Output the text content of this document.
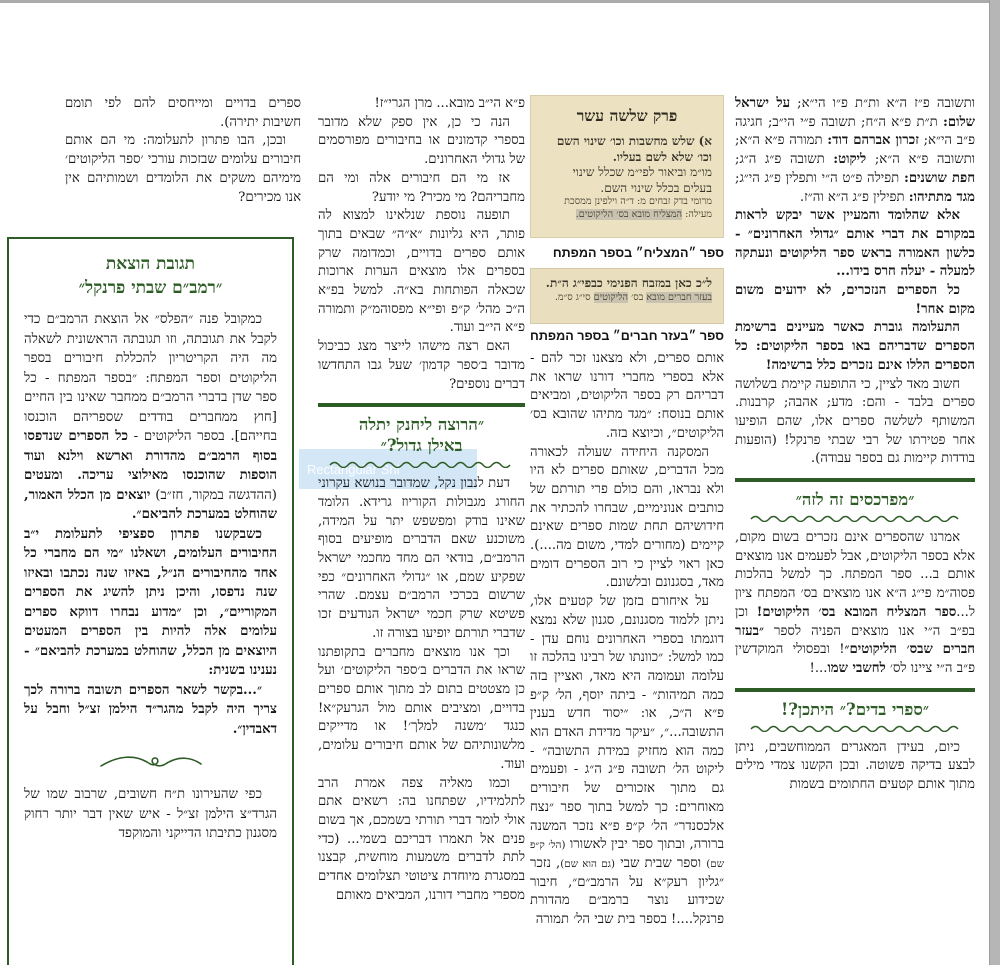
Rectangular Sni
פרק שלשה עשר
א) שלש מחשבות וכו׳ שינוי השם
וכו׳ שלא לשם בעליו.
מו״מ וביאור לפי״מ שכלל שינוי
בעלים בכלל שינוי השם.
מרומי בדק זבחים מ: ד״ה וילפינן ממסכת
מעילה: המצליח מובא בס׳ הליקוטים.
ספר ״המצליח״ בספר המפתח
ל״כ כאן במזבח הפנימי כבפי״ג ה״ת.
בעזר חברים מובא בס׳ הליקוטים סי״ג ס״מ.
ספר ״בעזר חברים״ בספר המפתח

ותשובה פ״ז ה״א ות״ת פ״ו הי״א; על ישראל שלום: ת״ת פ״א ה״ח; תשובה פ״י הי״ב; חגיגה פ״ב הי״א; זכרון אברהם דוד: תמורה פ״א ה״א; ותשובה פ״א ה״א; ליקוט: תשובה פ״ג ה״ג; חפת שושנים: תפילה פ״ט ה״י ותפלין פ״ג הי״ג; מגד מתתיהו: תפילין פ״ג ה״א וה״ז.

אלא שהלומד והמעיין אשר יבקש לראות במקורם את דברי אותם ״גדולי האחרונים״ - כלשון האמורה בראש ספר הליקוטים ונעתקה למעלה - יעלה חרס בידו...

כל הספרים הנזכרים, לא ידועים משום מקום אחר!

התעלומה גוברת כאשר מעיינים ברשימת הספרים שדבריהם באו בספר הליקוטים: כל הספרים הללו אינם נזכרים כלל ברשימה!

חשוב מאד לציין, כי התופעה קיימת בשלושה ספרים בלבד - והם: מדע; אהבה; קרבנות. המשותף לשלשה ספרים אלו, שהם הופיעו אחר פטירתו של רבי שבתי פרנקל! (הופעות בודדות קיימות גם בספר עבודה).

״מפרכסים זה לזה״

אמרנו שהספרים אינם נזכרים בשום מקום, אלא בספר הליקוטים, אבל לפעמים אנו מוצאים אותם ב... ספר המפתח. כך למשל בהלכות פסוה״מ פי״ג ה״א אנו מוצאים בס׳ המפתח ציון ל...ספר המצליח המובא בס׳ הליקוטים! וכן בפ״ב ה״י אנו מוצאים הפניה לספר ״בעזר חברים שבס׳ הליקוטים״! ובפסולי המוקדשין פ״ב ה״י ציינו לס׳ לחשבי שמו...!

״ספרי בדים?״ היתכן?!

כיום, בעידן המאגרים הממוחשבים, ניתן לבצע בדיקה פשוטה. ובכן הקשנו צמדי מילים מתוך אותם קטעים החתומים בשמות

אותם ספרים, ולא מצאנו זכר להם - אלא בספרי מחברי דורנו שראו את דבריהם רק בספר הליקוטים, ומביאים אותם בנוסח: ״מגד מתיהו שהובא בס׳ הליקוטים״, וכיוצא בזה.

המסקנה היחידה שעולה לכאורה מכל הדברים, שאותם ספרים לא היו ולא נבראו, והם כולם פרי תורתם של כותבים אנונימיים, שבחרו להכתיר את חידושיהם תחת שמות ספרים שאינם קיימים (מחורים למדי, משום מה....). כאן ראוי לציין כי רוב הספרים דומים מאד, בסגנונם ובלשונם.

על איחורם בזמן של קטעים אלו, ניתן ללמוד מסגנונם, סגנון שלא נמצא דוגמתו בספרי האחרונים נוחם עדן - כמו למשל: ״כוונתו של רבינו בהלכה זו עלומה ועמומה היא מאד, ואציין בזה כמה תמיהות״ - ביתה יוסף, הל׳ ק״פ פ״א ה״כ, או: ״יסוד חדש בענין התשובה...״, ״עיקר מדידת האדם הוא כמה הוא מחזיק במידת התשובה״ - ליקוט הל׳ תשובה פ״ג ה״ג - ופעמים גם מתוך אזכורים של חיבורים מאוחרים: כך למשל בתוך ספר ״נצח אלכסנדר״ הל׳ ק״פ פ״א נזכר המשנה ברורה, ובתוך ספר יבין לאשורו (הל׳ ק״פ שם) וספר שבית שבי (גם הוא שם), נזכר ״גליון רעק״א על הרמב״ם״, חיבור שכידוע נוצר ברמב״ם מהדורת פרנקל....! בספר בית שבי הל׳ תמורה

פ״א הי״ב מובא... מרן הגרי״ז!

הנה כי כן, אין ספק שלא מדובר בספרי קדמונים או בחיבורים מפורסמים של גדולי האחרונים.

אז מי הם חיבורים אלה ומי הם מחבריהם? מי מכיר? מי יודע?

תופעה נוספת שנלאינו למצוא לה פותר, היא גליונות ״א״ה״ שבאים בתוך אותם ספרים בדויים, וכמדומה שרק בספרים אלו מוצאים הערות ארוכות שכאלה הפותחות בא״ה. למשל בפ״א ה״כ מהל׳ ק״פ ופי״א מפסוהמ״ק ותמורה פ״א הי״ב ועוד.

האם רצה מישהו לייצר מצג כביכול מדובר ב׳ספר קדמון׳ שעל גבו התחדשו דברים נוספים?

״הרוצה ליחנק יתלה
באילן גדול?״

דעת לנבון נקל, שמדובר בנושא עקרוני החורג מגבולות הקוריוז גרידא. הלומד שאינו בודק ומפשפש יתר על המידה, משוכנע שאם הדברים מופיעים בסוף הרמב״ם, בודאי הם מחד מחכמי ישראל שפקיע שמם, או ״גדולי האחרונים״ כפי שרשום בכרכי הרמב״ם עצמם. שהרי פשיטא שרק חכמי ישראל הנודעים זכו שדברי תורתם יופיעו בצורה זו.

וכך אנו מוצאים מחברים בתקופתנו שראו את הדברים ב׳ספר הליקוטים׳ ועל כן מצטטים בתום לב מתוך אותם ספרים בדויים, ומציבים אותם מול הגרעק״א! כנגד ׳משנה למלך׳! או מדייקים מלשונותיהם של אותם חיבורים עלומים, ועוד.

וכמו מאליה צפה אמרת הרב לתלמידיו, שפתחנו בה: רשאים אתם אולי לומר דברי תורתי בשמכם, אך בשום פנים אל תאמרו דבריכם בשמי... (כדי לתת לדברים משמעות מוחשית, קבצנו במסגרת מיוחדת ציטוטי תצלומים אחדים מספרי מחברי דורנו, המביאים מאותם

ספרים בדויים ומייחסים להם לפי תומם חשיבות יתירה).

ובכן, הבו פתרון לתעלומה: מי הם אותם חיבורים עלומים שבזכות עורכי ׳ספר הליקוטים׳ מימיהם משקים את הלומדים ושמותיהם אין אנו מכירים?

תגובת הוצאת
״רמב״ם שבתי פרנקל״

כמקובל פנה ״הפלס״ אל הוצאת הרמב״ם כדי לקבל את תגובתה, וזו תגובתה הראשונית לשאלה מה היה הקריטריון להכללת חיבורים בספר הליקוטים וספר המפתח: ״בספר המפתח - כל ספר שדן בדברי הרמב״ם ממחבר שאינו בין החיים [חוץ ממחברים בודדים שספריהם הוכנסו בחייהם]. בספר הליקוטים - כל הספרים שנדפסו בסוף הרמב״ם מהדורת וארשא וילנא ועוד הוספות שהוכנסו מאילוצי עריכה. ומעטים (ההדגשה במקור, חז״ב) יוצאים מן הכלל האמור, שהוחלט במערכת להביאם״.

כשבקשנו פתרון ספציפי לתעלומת י״ב החיבורים העלומים, ושאלנו ״מי הם מחברי כל אחד מהחיבורים הנ״ל, באיזו שנה נכתבו ובאיזו שנה נדפסו, והיכן ניתן להשיג את הספרים המקוריים״, וכן ״מדוע נבחרו דווקא ספרים עלומים אלה להיות בין הספרים המעטים היוצאים מן הכלל, שהוחלט במערכת להביאם״ - נענינו בשנית:

״...בקשר לשאר הספרים תשובה ברורה לכך צריך היה לקבל מהגר״ד הילמן זצ״ל וחבל על דאבדין״.

כפי שהעירונו ת״ח חשובים, שרבוב שמו של הגרד״צ הילמן זצ״ל - איש שאין דבר יותר רחוק מסגנון כתיבתו הדייקני והמוקפד
